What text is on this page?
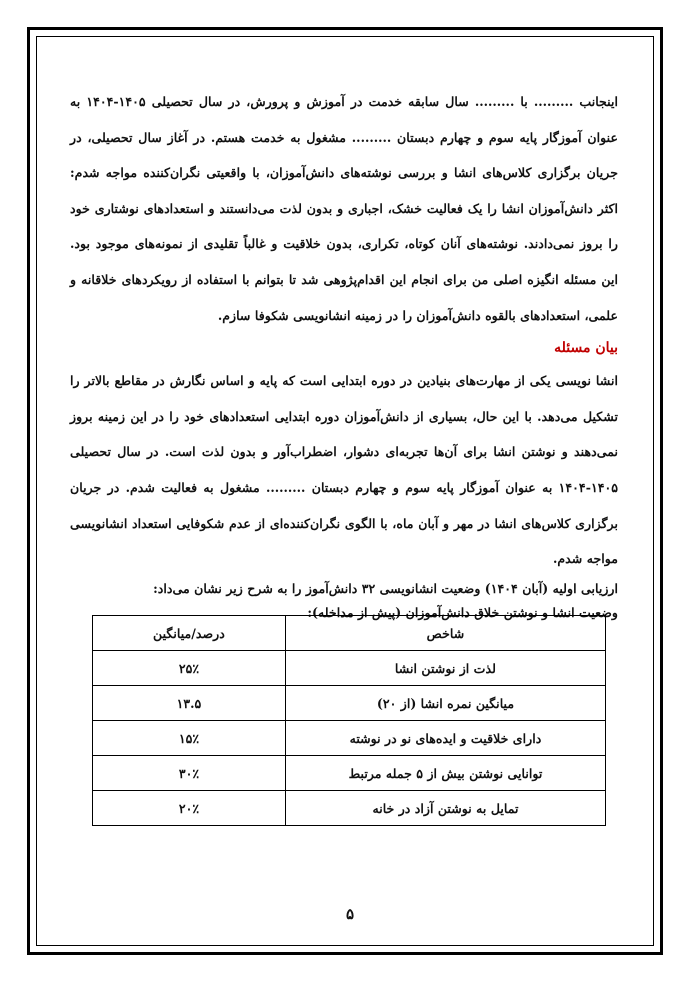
اینجانب ......... با ......... سال سابقه خدمت در آموزش و پرورش، در سال تحصیلی ۱۴۰۵-۱۴۰۴ به عنوان آموزگار پایه سوم و چهارم دبستان ......... مشغول به خدمت هستم. در آغاز سال تحصیلی، در جریان برگزاری کلاس‌های انشا و بررسی نوشته‌های دانش‌آموزان، با واقعیتی نگران‌کننده مواجه شدم: اکثر دانش‌آموزان انشا را یک فعالیت خشک، اجباری و بدون لذت می‌دانستند و استعدادهای نوشتاری خود را بروز نمی‌دادند. نوشته‌های آنان کوتاه، تکراری، بدون خلاقیت و غالباً تقلیدی از نمونه‌های موجود بود. این مسئله انگیزه اصلی من برای انجام این اقدام‌پژوهی شد تا بتوانم با استفاده از رویکردهای خلاقانه و علمی، استعدادهای بالقوه دانش‌آموزان را در زمینه انشانویسی شکوفا سازم.

بیان مسئله

انشا نویسی یکی از مهارت‌های بنیادین در دوره ابتدایی است که پایه و اساس نگارش در مقاطع بالاتر را تشکیل می‌دهد. با این حال، بسیاری از دانش‌آموزان دوره ابتدایی استعدادهای خود را در این زمینه بروز نمی‌دهند و نوشتن انشا برای آن‌ها تجربه‌ای دشوار، اضطراب‌آور و بدون لذت است. در سال تحصیلی ۱۴۰۵-۱۴۰۴ به عنوان آموزگار پایه سوم و چهارم دبستان ......... مشغول به فعالیت شدم. در جریان برگزاری کلاس‌های انشا در مهر و آبان ماه، با الگوی نگران‌کننده‌ای از عدم شکوفایی استعداد انشانویسی مواجه شدم.

ارزیابی اولیه (آبان ۱۴۰۴) وضعیت انشانویسی ۳۲ دانش‌آموز را به شرح زیر نشان می‌داد:

وضعیت انشا و نوشتن خلاق دانش‌آموزان (پیش از مداخله):

شاخص	درصد/میانگین
لذت از نوشتن انشا	۲۵٪
میانگین نمره انشا (از ۲۰)	۱۳.۵
دارای خلاقیت و ایده‌های نو در نوشته	۱۵٪
توانایی نوشتن بیش از ۵ جمله مرتبط	۳۰٪
تمایل به نوشتن آزاد در خانه	۲۰٪
۵
